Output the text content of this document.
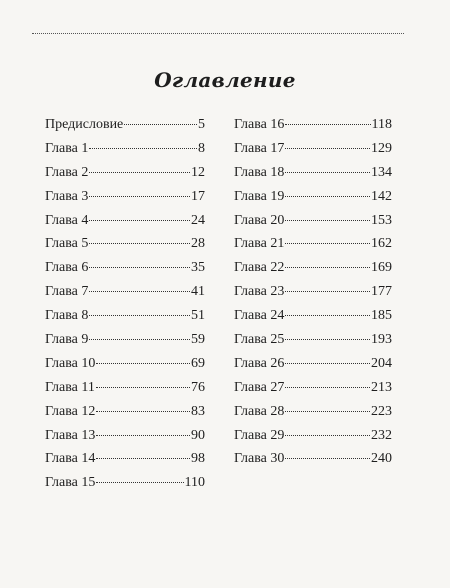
Оглавление
Предисловие	5
Глава 1	8
Глава 2	12
Глава 3	17
Глава 4	24
Глава 5	28
Глава 6	35
Глава 7	41
Глава 8	51
Глава 9	59
Глава 10	69
Глава 11	76
Глава 12	83
Глава 13	90
Глава 14	98
Глава 15	110
Глава 16	118
Глава 17	129
Глава 18	134
Глава 19	142
Глава 20	153
Глава 21	162
Глава 22	169
Глава 23	177
Глава 24	185
Глава 25	193
Глава 26	204
Глава 27	213
Глава 28	223
Глава 29	232
Глава 30	240
